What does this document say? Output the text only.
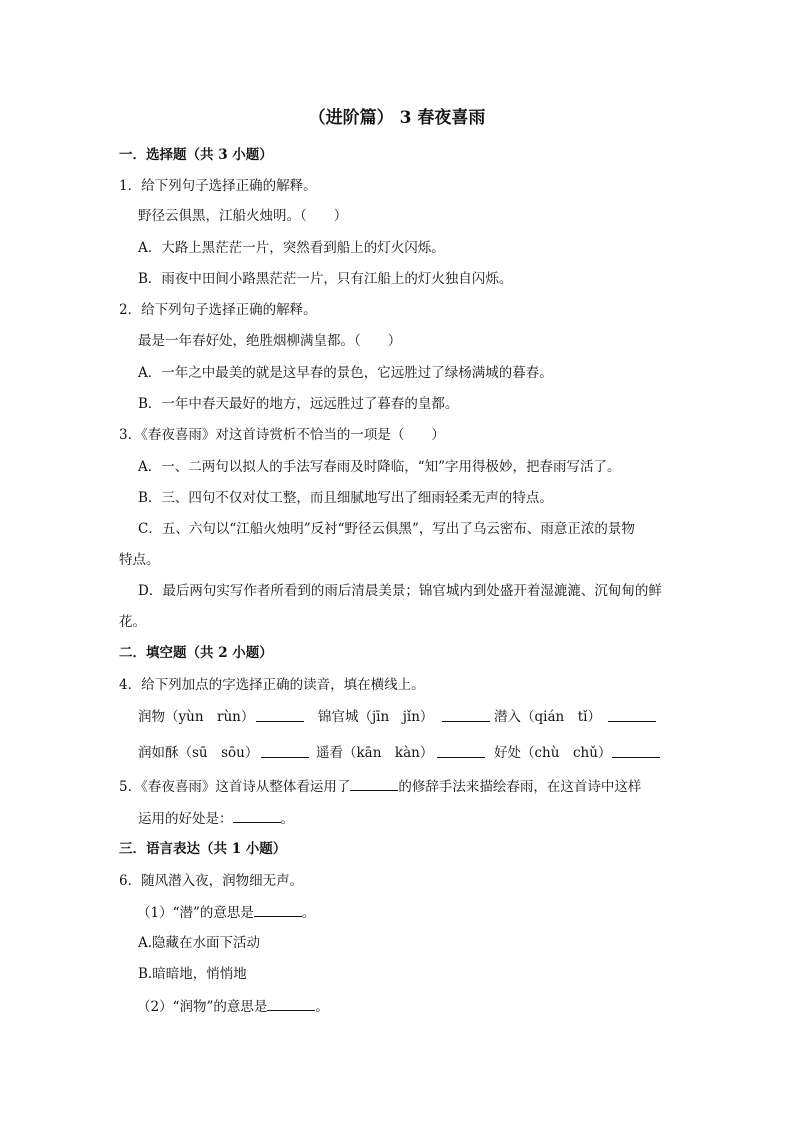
（进阶篇） 3 春夜喜雨
一．选择题（共 3 小题）
1．给下列句子选择正确的解释。
野径云俱黑，江船火烛明。（　　）
A．大路上黑茫茫一片，突然看到船上的灯火闪烁。
B．雨夜中田间小路黑茫茫一片，只有江船上的灯火独自闪烁。
2．给下列句子选择正确的解释。
最是一年春好处，绝胜烟柳满皇都。（　　）
A．一年之中最美的就是这早春的景色，它远胜过了绿杨满城的暮春。
B．一年中春天最好的地方，远远胜过了暮春的皇都。
3．《春夜喜雨》对这首诗赏析不恰当的一项是（　　）
A．一、二两句以拟人的手法写春雨及时降临，“知”字用得极妙，把春雨写活了。
B．三、四句不仅对仗工整，而且细腻地写出了细雨轻柔无声的特点。
C．五、六句以“江船火烛明”反衬“野径云俱黑”，写出了乌云密布、雨意正浓的景物
特点。
D．最后两句实写作者所看到的雨后清晨美景；锦官城内到处盛开着湿漉漉、沉甸甸的鲜
花。
二．填空题（共 2 小题）
4．给下列加点的字选择正确的读音，填在横线上。
润物（yùn　rùn）	锦官城（jīn　jǐn）	潜入（qián　tǐ）
润如酥（sū　sōu）	遥看（kān　kàn）	好处（chù　chǔ）
5．《春夜喜雨》这首诗从整体看运用了	的修辞手法来描绘春雨，在这首诗中这样
运用的好处是：	。
三．语言表达（共 1 小题）
6．随风潜入夜，润物细无声。
（1）“潜”的意思是	。
A.隐藏在水面下活动
B.暗暗地，悄悄地
（2）“润物”的意思是	。
